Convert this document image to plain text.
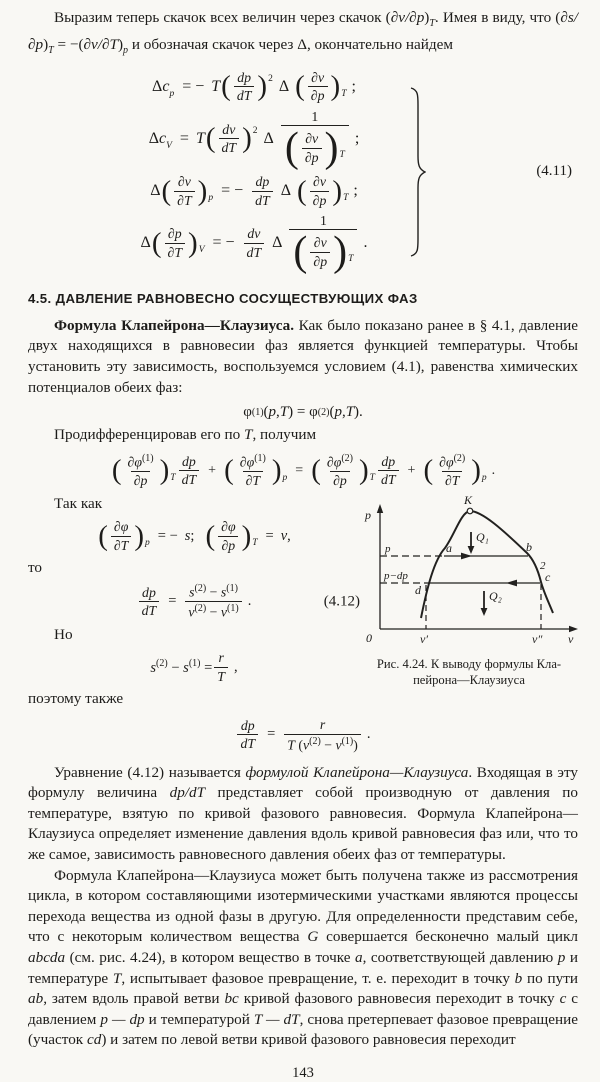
Выразим теперь скачок всех величин через скачок $(\partial v/\partial p)_T$. Имея в виду, что $(\partial s/\partial p)_T = -(\partial v/\partial T)_p$ и обозначая скачок через Δ, окончательно найдем

Δ c p = − T ( $\frac{dp}{dT}$ ) 2 Δ ( $\frac{\partial v}{\partial p}$ ) T ;
Δ c V = T ( $\frac{dv}{dT}$ ) 2 Δ $\frac{1}{( \frac{\partial v}{\partial p} ) T}$ ;
Δ ( $\frac{\partial v}{\partial T}$ ) p = − $\frac{dp}{dT}$ Δ ( $\frac{\partial v}{\partial p}$ ) T ;
Δ ( $\frac{\partial p}{\partial T}$ ) V = − $\frac{dv}{dT}$ Δ $\frac{1}{( \frac{\partial v}{\partial p} ) T}$ .
(4.11)
4.5. ДАВЛЕНИЕ РАВНОВЕСНО СОСУЩЕСТВУЮЩИХ ФАЗ

Формула Клапейрона—Клаузиуса. Как было показано ранее в § 4.1, давление двух находящихся в равновесии фаз является функцией температуры. Чтобы установить эту зависимость, воспользуемся условием (4.1), равенства химических потенциалов обеих фаз:

φ (1) ( p , T ) = φ (2) ( p , T ).

Продифференцировав его по T, получим

( $\frac{\partial\varphi^{(1)}}{\partial p}$ ) T $\frac{dp}{dT}$ + ( $\frac{\partial\varphi^{(1)}}{\partial T}$ ) p = ( $\frac{\partial\varphi^{(2)}}{\partial p}$ ) T $\frac{dp}{dT}$ + ( $\frac{\partial\varphi^{(2)}}{\partial T}$ ) p .

Так как

( $\frac{\partial\varphi}{\partial T}$ ) p = − s ; ( $\frac{\partial\varphi}{\partial p}$ ) T = v ,

то

$\frac{dp}{dT} = \frac{s^{(2)} - s^{(1)}}{v^{(2)} - v^{(1)}}$ .	(4.12)

Но

$s^{(2)} - s^{(1)} = \frac{r}{T}$ ,

поэтому также

p
v
0
K
a	b
2
c
d
p
p−dp
v′	v″
Q₁
Q₂
Рис. 4.24. К выводу формулы Кла-
пейрона—Клаузиуса
$\frac{dp}{dT} = \frac{r}{T (v^{(2)} - v^{(1)})}$ .

Уравнение (4.12) называется формулой Клапейрона—Клаузиуса. Входящая в эту формулу величина dp/dT представляет собой производную от давления по температуре, взятую по кривой фазового равновесия. Формула Клапейрона—Клаузиуса определяет изменение давления вдоль кривой равновесия фаз или, что то же самое, зависимость равновесного давления обеих фаз от температуры.

Формула Клапейрона—Клаузиуса может быть получена также из рассмотрения цикла, в котором составляющими изотермическими участками являются процессы перехода вещества из одной фазы в другую. Для определенности представим себе, что с некоторым количеством вещества G совершается бесконечно малый цикл abcda (см. рис. 4.24), в котором вещество в точке a, соответствующей давлению p и температуре T, испытывает фазовое превращение, т. е. переходит в точку b по пути ab, затем вдоль правой ветви bc кривой фазового равновесия переходит в точку c с давлением p — dp и температурой T — dT, снова претерпевает фазовое превращение (участок cd) и затем по левой ветви кривой фазового равновесия переходит

143
